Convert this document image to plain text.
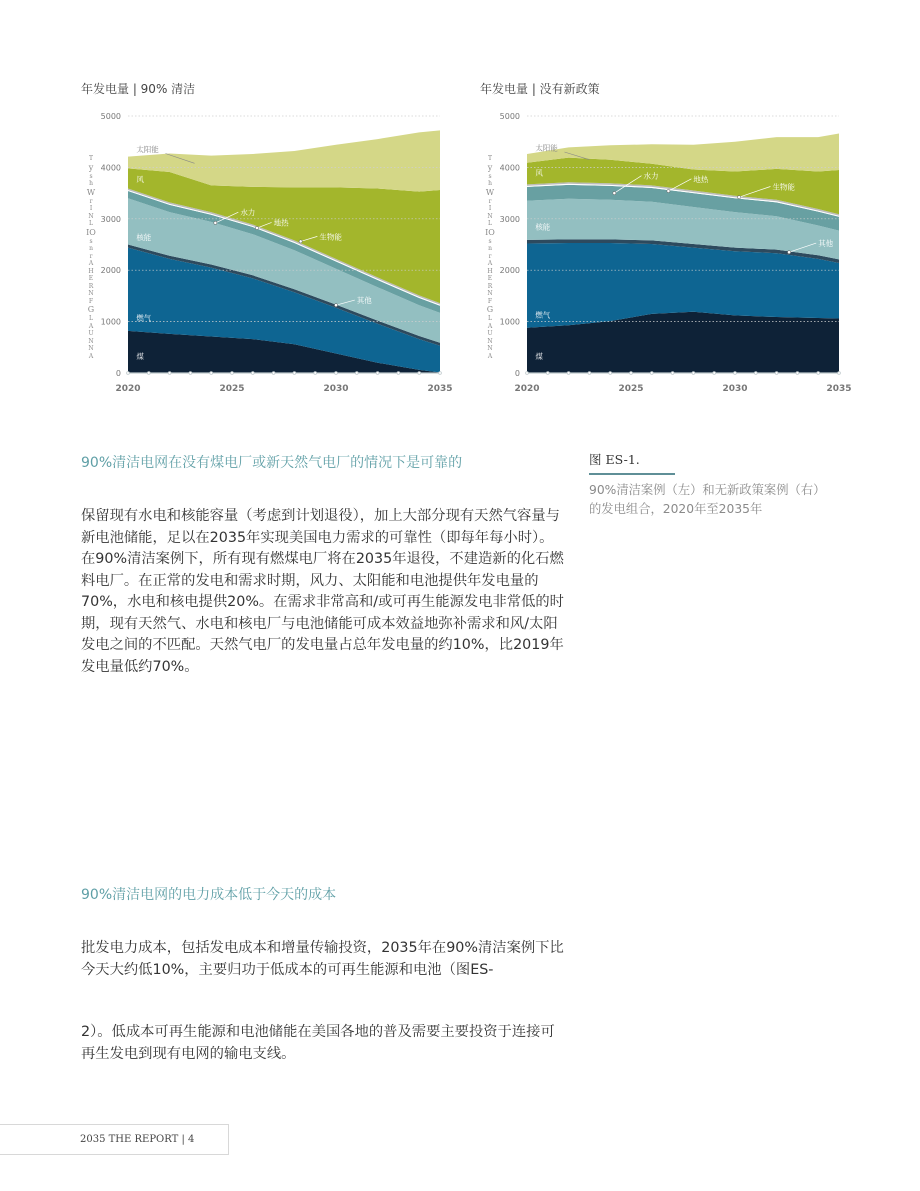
年发电量 | 90% 清洁
0
1000
2000
3000
4000
5000
2020	2025	2030	2035
太阳能
风
水力
地热
生物能
核能
其他
燃气
煤
T
y
s
h
W
r
I
N
L
IO
s
n
r
A
H
E
R
N
F
G
L
A
U
N
N
A
年发电量 | 没有新政策
0
1000
2000
3000
4000
5000
2020	2025	2030	2035
太阳能
风	水力	地热
生物能
核能
其他
燃气
煤
T
y
s
h
W
r
I
N
L
IO
s
n
r
A
H
E
R
N
F
G
L
A
U
N
N
A
90%清洁电网在没有煤电厂或新天然气电厂的情况下是可靠的
保留现有水电和核能容量（考虑到计划退役），加上大部分现有天然气容量与新电池储能，足以在2035年实现美国电力需求的可靠性（即每年每小时）。在90%清洁案例下，所有现有燃煤电厂将在2035年退役，不建造新的化石燃料电厂。在正常的发电和需求时期，风力、太阳能和电池提供年发电量的70%，水电和核电提供20%。在需求非常高和/或可再生能源发电非常低的时期，现有天然气、水电和核电厂与电池储能可成本效益地弥补需求和风/太阳发电之间的不匹配。天然气电厂的发电量占总年发电量的约10%，比2019年发电量低约70%。
图 ES-1.
90%清洁案例（左）和无新政策案例（右）的发电组合，2020年至2035年
90%清洁电网的电力成本低于今天的成本
批发电力成本，包括发电成本和增量传输投资，2035年在90%清洁案例下比今天大约低10%，主要归功于低成本的可再生能源和电池（图ES-
2）。低成本可再生能源和电池储能在美国各地的普及需要主要投资于连接可再生发电到现有电网的输电支线。
2035 THE REPORT | 4
